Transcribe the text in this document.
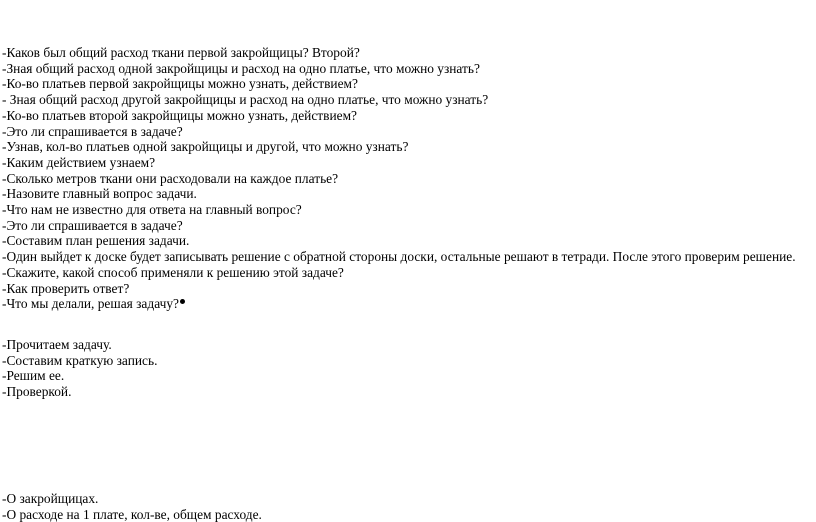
-Каков был общий расход ткани первой закройщицы? Второй?
-Зная общий расход одной закройщицы и расход на одно платье, что можно узнать?
-Ко-во платьев первой закройщицы можно узнать, действием?
- Зная общий расход другой закройщицы и расход на одно платье, что можно узнать?
-Ко-во платьев второй закройщицы можно узнать, действием?
-Это ли спрашивается в задаче?
-Узнав, кол-во платьев одной закройщицы и другой, что можно узнать?
-Каким действием узнаем?
-Сколько метров ткани они расходовали на каждое платье?
-Назовите главный вопрос задачи.
-Что нам не известно для ответа на главный вопрос?
-Это ли спрашивается в задаче?
-Составим план решения задачи.
-Один выйдет к доске будет записывать решение с обратной стороны доски, остальные решают в тетради. После этого проверим решение.
-Скажите, какой способ применяли к решению этой задаче?
-Как проверить ответ?
-Что мы делали, решая задачу?
-Прочитаем задачу.
-Составим краткую запись.
-Решим ее.
-Проверкой.
-О закройщицах.
-О расходе на 1 плате, кол-ве, общем расходе.
